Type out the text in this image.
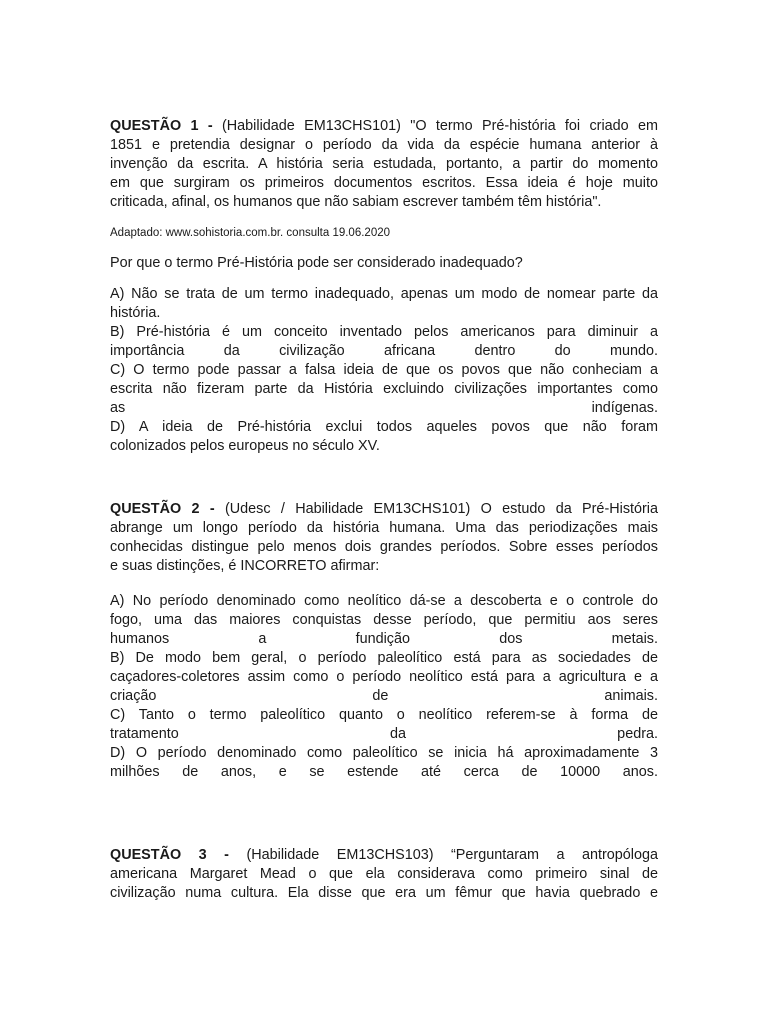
QUESTÃO 1 - (Habilidade EM13CHS101) "O termo Pré-história foi criado em
1851 e pretendia designar o período da vida da espécie humana anterior à
invenção da escrita. A história seria estudada, portanto, a partir do momento
em que surgiram os primeiros documentos escritos. Essa ideia é hoje muito
criticada, afinal, os humanos que não sabiam escrever também têm história".
Adaptado: www.sohistoria.com.br. consulta 19.06.2020
Por que o termo Pré-História pode ser considerado inadequado?
A) Não se trata de um termo inadequado, apenas um modo de nomear parte da
história.
B) Pré-história é um conceito inventado pelos americanos para diminuir a
importância da civilização africana dentro do mundo.
C) O termo pode passar a falsa ideia de que os povos que não conheciam a
escrita não fizeram parte da História excluindo civilizações importantes como
as indígenas.
D) A ideia de Pré-história exclui todos aqueles povos que não foram
colonizados pelos europeus no século XV.
QUESTÃO 2 - (Udesc / Habilidade EM13CHS101) O estudo da Pré-História
abrange um longo período da história humana. Uma das periodizações mais
conhecidas distingue pelo menos dois grandes períodos. Sobre esses períodos
e suas distinções, é INCORRETO afirmar:
A) No período denominado como neolítico dá-se a descoberta e o controle do
fogo, uma das maiores conquistas desse período, que permitiu aos seres
humanos a fundição dos metais.
B) De modo bem geral, o período paleolítico está para as sociedades de
caçadores-coletores assim como o período neolítico está para a agricultura e a
criação de animais.
C) Tanto o termo paleolítico quanto o neolítico referem-se à forma de
tratamento da pedra.
D) O período denominado como paleolítico se inicia há aproximadamente 3
milhões de anos, e se estende até cerca de 10000 anos.
QUESTÃO 3 - (Habilidade EM13CHS103) “Perguntaram a antropóloga
americana Margaret Mead o que ela considerava como primeiro sinal de
civilização numa cultura. Ela disse que era um fêmur que havia quebrado e
